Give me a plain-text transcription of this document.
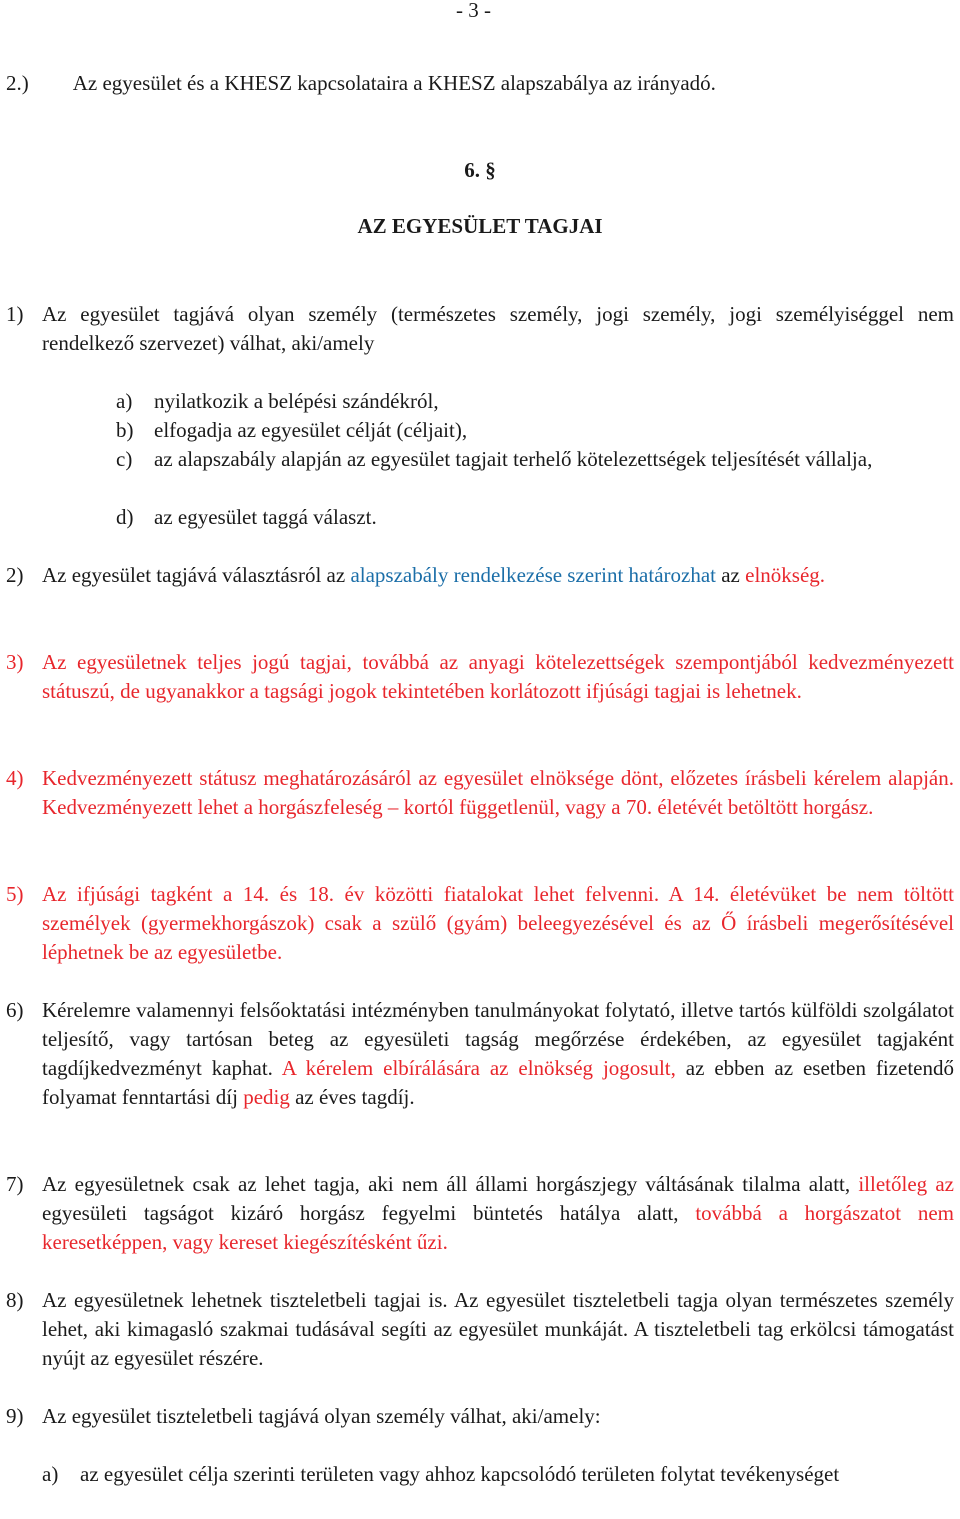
- 3 -
2.) Az egyesület és a KHESZ kapcsolataira a KHESZ alapszabálya az irányadó.
6. §
AZ EGYESÜLET TAGJAI
1) Az egyesület tagjává olyan személy (természetes személy, jogi személy, jogi személyiséggel nem rendelkező szervezet) válhat, aki/amely
a)	nyilatkozik a belépési szándékról,
b) elfogadja az egyesület célját (céljait),
c)	az alapszabály alapján az egyesület tagjait terhelő kötelezettségek teljesítését vállalja,
d) az egyesület taggá választ.
2) Az egyesület tagjává választásról az alapszabály rendelkezése szerint határozhat az elnökség.
3) Az egyesületnek teljes jogú tagjai, továbbá az anyagi kötelezettségek szempontjából kedvezményezett státuszú, de ugyanakkor a tagsági jogok tekintetében korlátozott ifjúsági tagjai is lehetnek.
4) Kedvezményezett státusz meghatározásáról az egyesület elnöksége dönt, előzetes írásbeli kérelem alapján. Kedvezményezett lehet a horgászfeleség – kortól függetlenül, vagy a 70. életévét betöltött horgász.
5) Az ifjúsági tagként a 14. és 18. év közötti fiatalokat lehet felvenni. A 14. életévüket be nem töltött személyek (gyermekhorgászok) csak a szülő (gyám) beleegyezésével és az Ő írásbeli megerősítésével léphetnek be az egyesületbe.
6) Kérelemre valamennyi felsőoktatási intézményben tanulmányokat folytató, illetve tartós külföldi szolgálatot teljesítő, vagy tartósan beteg az egyesületi tagság megőrzése érdekében, az egyesület tagjaként tagdíjkedvezményt kaphat. A kérelem elbírálására az elnökség jogosult, az ebben az esetben fizetendő folyamat fenntartási díj pedig az éves tagdíj.
7) Az egyesületnek csak az lehet tagja, aki nem áll állami horgászjegy váltásának tilalma alatt, illetőleg az egyesületi tagságot kizáró horgász fegyelmi büntetés hatálya alatt, továbbá a horgászatot nem keresetképpen, vagy kereset kiegészítésként űzi.
8) Az egyesületnek lehetnek tiszteletbeli tagjai is. Az egyesület tiszteletbeli tagja olyan természetes személy lehet, aki kimagasló szakmai tudásával segíti az egyesület munkáját. A tiszteletbeli tag erkölcsi támogatást nyújt az egyesület részére.
9) Az egyesület tiszteletbeli tagjává olyan személy válhat, aki/amely:
a)	az egyesület célja szerinti területen vagy ahhoz kapcsolódó területen folytat tevékenységet
